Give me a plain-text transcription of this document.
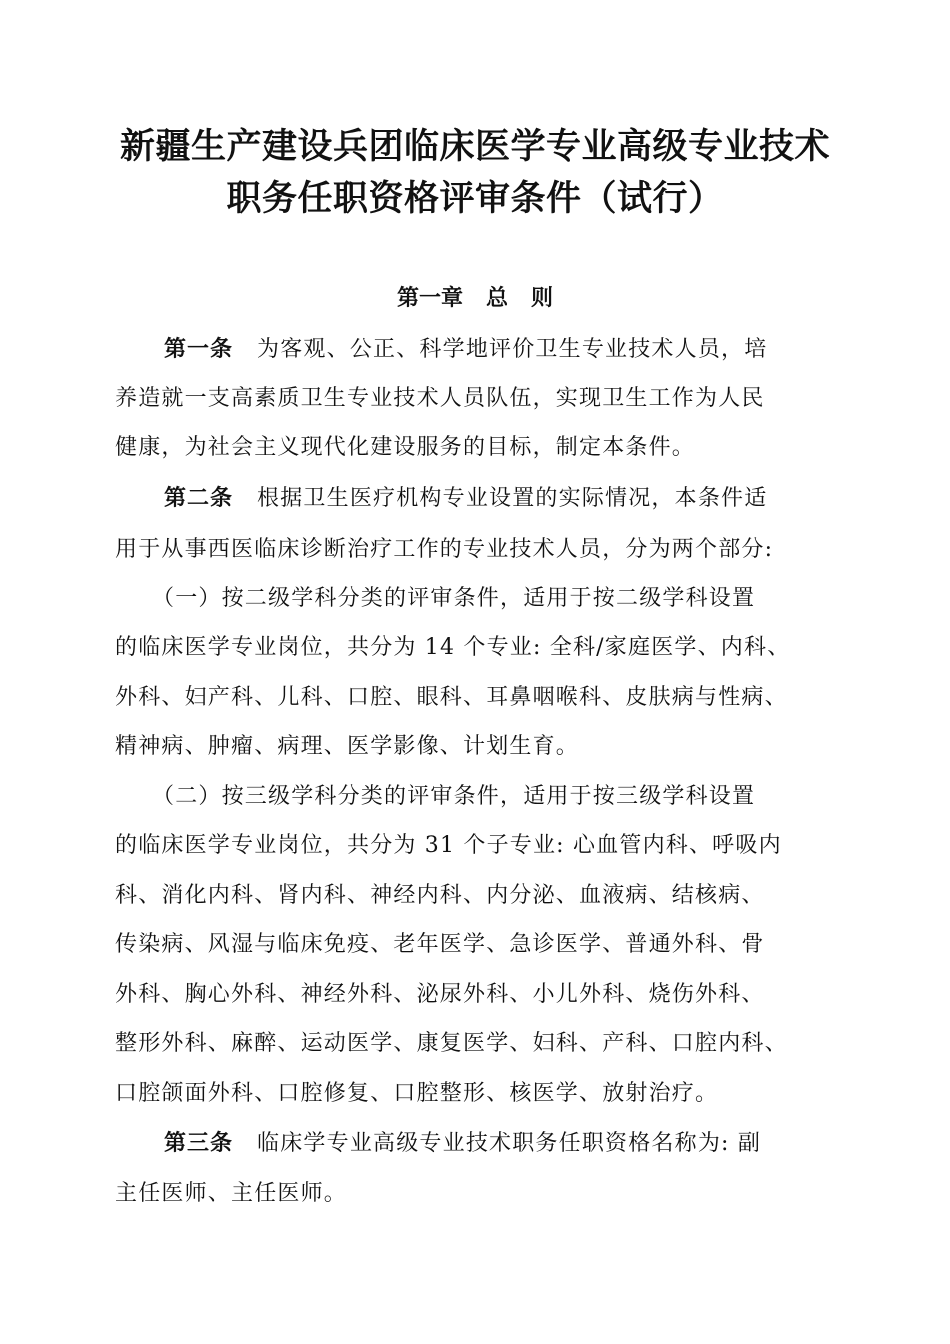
新疆生产建设兵团临床医学专业高级专业技术
职务任职资格评审条件（试行）
第一章   总   则
第一条 为客观、公正、科学地评价卫生专业技术人员，培
养造就一支高素质卫生专业技术人员队伍，实现卫生工作为人民
健康，为社会主义现代化建设服务的目标，制定本条件。
第二条 根据卫生医疗机构专业设置的实际情况，本条件适
用于从事西医临床诊断治疗工作的专业技术人员，分为两个部分:
（一）按二级学科分类的评审条件，适用于按二级学科设置
的临床医学专业岗位，共分为 14 个专业: 全科/家庭医学、内科、
外科、妇产科、儿科、口腔、眼科、耳鼻咽喉科、皮肤病与性病、
精神病、肿瘤、病理、医学影像、计划生育。
（二）按三级学科分类的评审条件，适用于按三级学科设置
的临床医学专业岗位，共分为 31 个子专业: 心血管内科、呼吸内
科、消化内科、肾内科、神经内科、内分泌、血液病、结核病、
传染病、风湿与临床免疫、老年医学、急诊医学、普通外科、骨
外科、胸心外科、神经外科、泌尿外科、小儿外科、烧伤外科、
整形外科、麻醉、运动医学、康复医学、妇科、产科、口腔内科、
口腔颌面外科、口腔修复、口腔整形、核医学、放射治疗。
第三条 临床学专业高级专业技术职务任职资格名称为: 副
主任医师、主任医师。
